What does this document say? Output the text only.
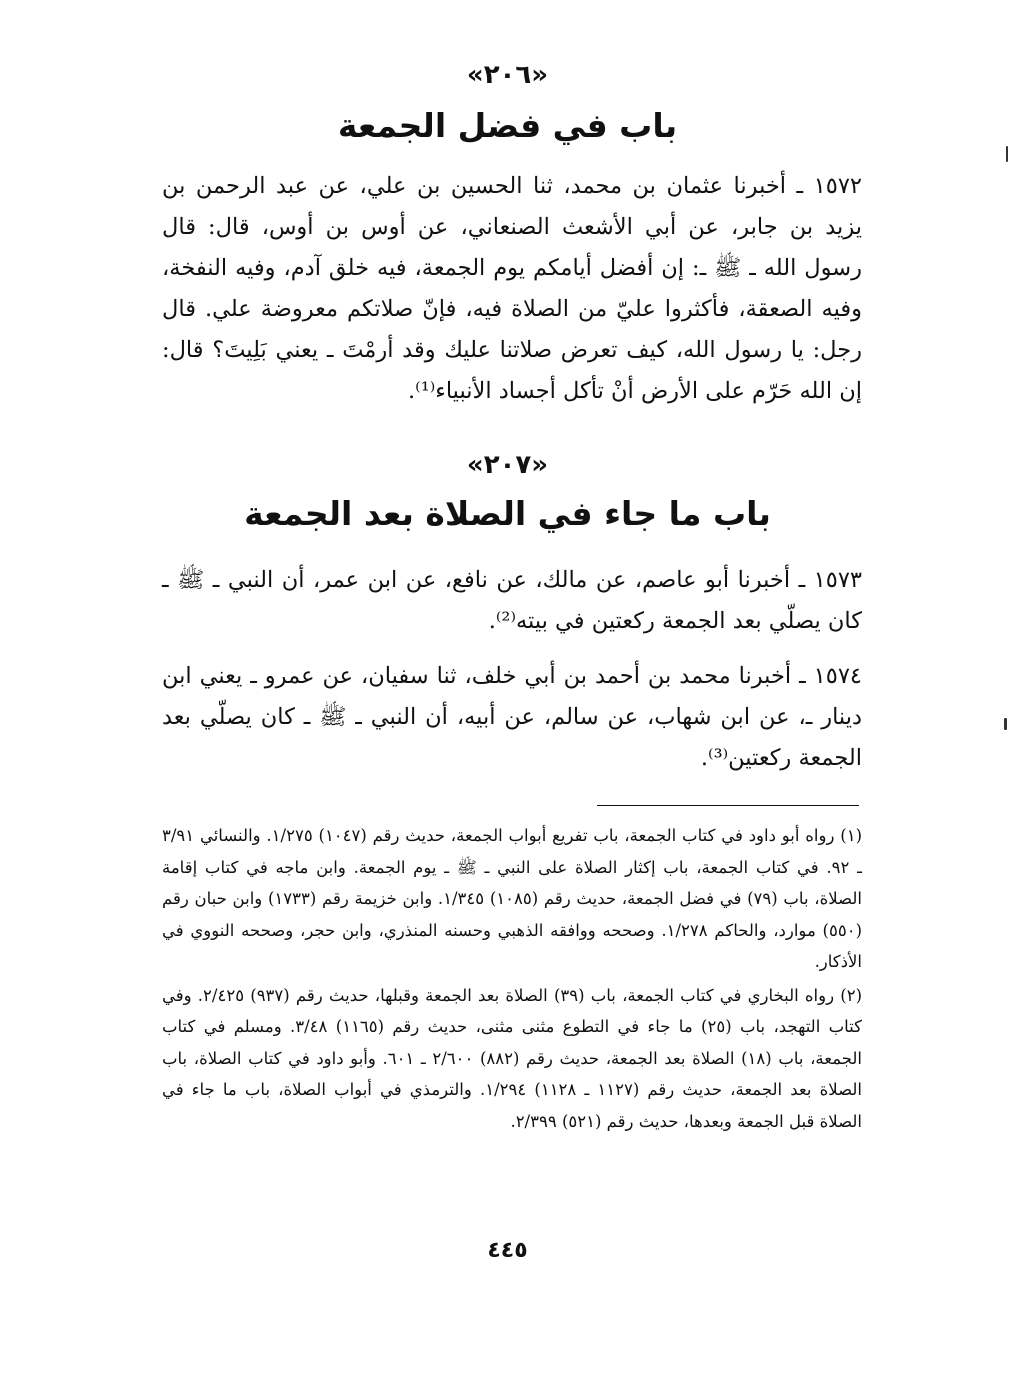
«٢٠٦»
باب في فضل الجمعة

١٥٧٢ ـ أخبرنا عثمان بن محمد، ثنا الحسين بن علي، عن عبد الرحمن بن يزيد بن جابر، عن أبي الأشعث الصنعاني، عن أوس بن أوس، قال: قال رسول الله ـ ﷺ ـ: إن أفضل أيامكم يوم الجمعة، فيه خلق آدم، وفيه النفخة، وفيه الصعقة، فأكثروا عليّ من الصلاة فيه، فإنّ صلاتكم معروضة علي. قال رجل: يا رسول الله، كيف تعرض صلاتنا عليك وقد أرمْتَ ـ يعني بَلِيتَ؟ قال: إن الله حَرّم على الأرض أنْ تأكل أجساد الأنبياء⁽¹⁾.

«٢٠٧»
باب ما جاء في الصلاة بعد الجمعة

١٥٧٣ ـ أخبرنا أبو عاصم، عن مالك، عن نافع، عن ابن عمر، أن النبي ـ ﷺ ـ كان يصلّي بعد الجمعة ركعتين في بيته⁽²⁾.

١٥٧٤ ـ أخبرنا محمد بن أحمد بن أبي خلف، ثنا سفيان، عن عمرو ـ يعني ابن دينار ـ، عن ابن شهاب، عن سالم، عن أبيه، أن النبي ـ ﷺ ـ كان يصلّي بعد الجمعة ركعتين⁽³⁾.

(١) رواه أبو داود في كتاب الجمعة، باب تفريع أبواب الجمعة، حديث رقم (١٠٤٧) ١/٢٧٥. والنسائي ٣/٩١ ـ ٩٢. في كتاب الجمعة، باب إكثار الصلاة على النبي ـ ﷺ ـ يوم الجمعة. وابن ماجه في كتاب إقامة الصلاة، باب (٧٩) في فضل الجمعة، حديث رقم (١٠٨٥) ١/٣٤٥. وابن خزيمة رقم (١٧٣٣) وابن حبان رقم (٥٥٠) موارد، والحاكم ١/٢٧٨. وصححه ووافقه الذهبي وحسنه المنذري، وابن حجر، وصححه النووي في الأذكار.

(٢) رواه البخاري في كتاب الجمعة، باب (٣٩) الصلاة بعد الجمعة وقبلها، حديث رقم (٩٣٧) ٢/٤٢٥. وفي كتاب التهجد، باب (٢٥) ما جاء في التطوع مثنى مثنى، حديث رقم (١١٦٥) ٣/٤٨. ومسلم في كتاب الجمعة، باب (١٨) الصلاة بعد الجمعة، حديث رقم (٨٨٢) ٢/٦٠٠ ـ ٦٠١. وأبو داود في كتاب الصلاة، باب الصلاة بعد الجمعة، حديث رقم (١١٢٧ ـ ١١٢٨) ١/٢٩٤. والترمذي في أبواب الصلاة، باب ما جاء في الصلاة قبل الجمعة وبعدها، حديث رقم (٥٢١) ٢/٣٩٩.

٤٤٥
